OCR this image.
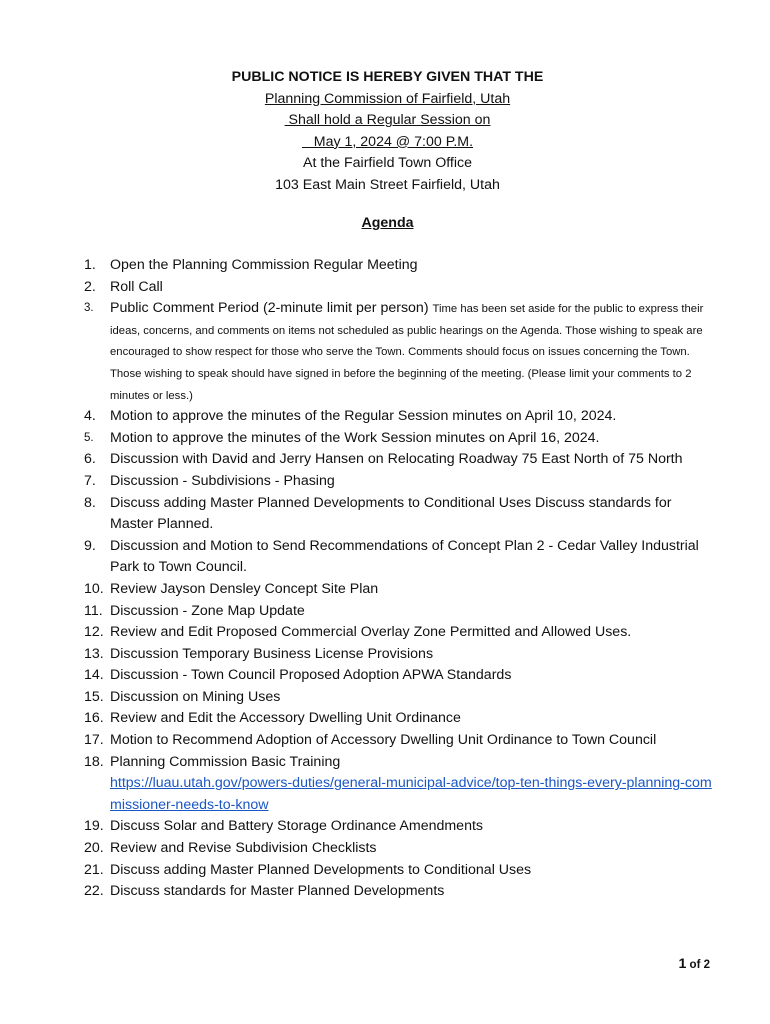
PUBLIC NOTICE IS HEREBY GIVEN THAT THE
Planning Commission of Fairfield, Utah
Shall hold a Regular Session on
May 1, 2024 @ 7:00 P.M.
At the Fairfield Town Office
103 East Main Street Fairfield, Utah
Agenda
1. Open the Planning Commission Regular Meeting
2. Roll Call
3.	Public Comment Period (2-minute limit per person) Time has been set aside for the public to express their ideas, concerns, and comments on items not scheduled as public hearings on the Agenda. Those wishing to speak are encouraged to show respect for those who serve the Town. Comments should focus on issues concerning the Town. Those wishing to speak should have signed in before the beginning of the meeting. (Please limit your comments to 2 minutes or less.)
4. Motion to approve the minutes of the Regular Session minutes on April 10, 2024.
5.	Motion to approve the minutes of the Work Session minutes on April 16, 2024.
6. Discussion with David and Jerry Hansen on Relocating Roadway 75 East North of 75 North
7. Discussion - Subdivisions - Phasing
8. Discuss adding Master Planned Developments to Conditional Uses Discuss standards for Master Planned.
9. Discussion and Motion to Send Recommendations of Concept Plan 2 - Cedar Valley Industrial Park to Town Council.
10. Review Jayson Densley Concept Site Plan
11. Discussion - Zone Map Update
12. Review and Edit Proposed Commercial Overlay Zone Permitted and Allowed Uses.
13. Discussion Temporary Business License Provisions
14. Discussion - Town Council Proposed Adoption APWA Standards
15. Discussion on Mining Uses
16. Review and Edit the Accessory Dwelling Unit Ordinance
17. Motion to Recommend Adoption of Accessory Dwelling Unit Ordinance to Town Council
18. Planning Commission Basic Training
https://luau.utah.gov/powers-duties/general-municipal-advice/top-ten-things-every-planning-commissioner-needs-to-know
19. Discuss Solar and Battery Storage Ordinance Amendments
20. Review and Revise Subdivision Checklists
21. Discuss adding Master Planned Developments to Conditional Uses
22. Discuss standards for Master Planned Developments
1 of 2
